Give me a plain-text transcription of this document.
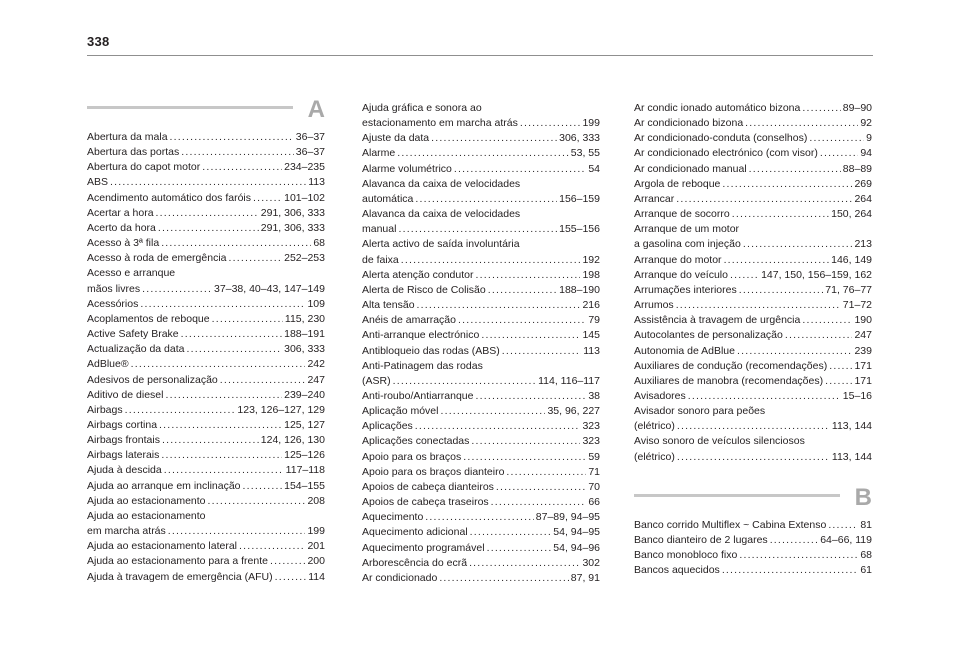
338
A
Abertura da mala .....	36–37
Abertura das portas .....	36–37
Abertura do capot motor .....	234–235
ABS .....	113
Acendimento automático dos faróis .....	101–102
Acertar a hora .....	291, 306, 333
Acerto da hora .....	291, 306, 333
Acesso à 3ª fila .....	68
Acesso à roda de emergência .....	252–253
Acesso e arranque
mãos livres .....	37–38, 40–43, 147–149
Acessórios .....	109
Acoplamentos de reboque .....	115, 230
Active Safety Brake .....	188–191
Actualização da data .....	306, 333
AdBlue® .....	242
Adesivos de personalização .....	247
Aditivo de diesel .....	239–240
Airbags .....	123, 126–127, 129
Airbags cortina .....	125, 127
Airbags frontais .....	124, 126, 130
Airbags laterais .....	125–126
Ajuda à descida .....	117–118
Ajuda ao arranque em inclinação .....	154–155
Ajuda ao estacionamento .....	208
Ajuda ao estacionamento
em marcha atrás .....	199
Ajuda ao estacionamento lateral .....	201
Ajuda ao estacionamento para a frente .....	200
Ajuda à travagem de emergência (AFU) .....	114
Ajuda gráfica e sonora ao
estacionamento em marcha atrás .....	199
Ajuste da data .....	306, 333
Alarme .....	53, 55
Alarme volumétrico .....	54
Alavanca da caixa de velocidades
automática .....	156–159
Alavanca da caixa de velocidades
manual .....	155–156
Alerta activo de saída involuntária
de faixa .....	192
Alerta atenção condutor .....	198
Alerta de Risco de Colisão .....	188–190
Alta tensão .....	216
Anéis de amarração .....	79
Anti-arranque electrónico .....	145
Antibloqueio das rodas (ABS) .....	113
Anti-Patinagem das rodas
(ASR) .....	114, 116–117
Anti-roubo/Antiarranque .....	38
Aplicação móvel .....	35, 96, 227
Aplicações .....	323
Aplicações conectadas .....	323
Apoio para os braços .....	59
Apoio para os braços dianteiro .....	71
Apoios de cabeça dianteiros .....	70
Apoios de cabeça traseiros .....	66
Aquecimento .....	87–89, 94–95
Aquecimento adicional .....	54, 94–95
Aquecimento programável .....	54, 94–96
Arborescência do ecrã .....	302
Ar condicionado .....	87, 91
Ar condic ionado automático bizona .....	89–90
Ar condicionado bizona .....	92
Ar condicionado-conduta (conselhos) .....	9
Ar condicionado electrónico (com visor) .....	94
Ar condicionado manual .....	88–89
Argola de reboque .....	269
Arrancar .....	264
Arranque de socorro .....	150, 264
Arranque de um motor
a gasolina com injeção .....	213
Arranque do motor .....	146, 149
Arranque do veículo .....	147, 150, 156–159, 162
Arrumações interiores .....	71, 76–77
Arrumos .....	71–72
Assistência à travagem de urgência .....	190
Autocolantes de personalização .....	247
Autonomia de AdBlue .....	239
Auxiliares de condução (recomendações) .....	171
Auxiliares de manobra (recomendações) .....	171
Avisadores .....	15–16
Avisador sonoro para peões
(elétrico) .....	113, 144
Aviso sonoro de veículos silenciosos
(elétrico) .....	113, 144
B
Banco corrido Multiflex ~ Cabina Extenso .....	81
Banco dianteiro de 2 lugares .....	64–66, 119
Banco monobloco fixo .....	68
Bancos aquecidos .....	61
